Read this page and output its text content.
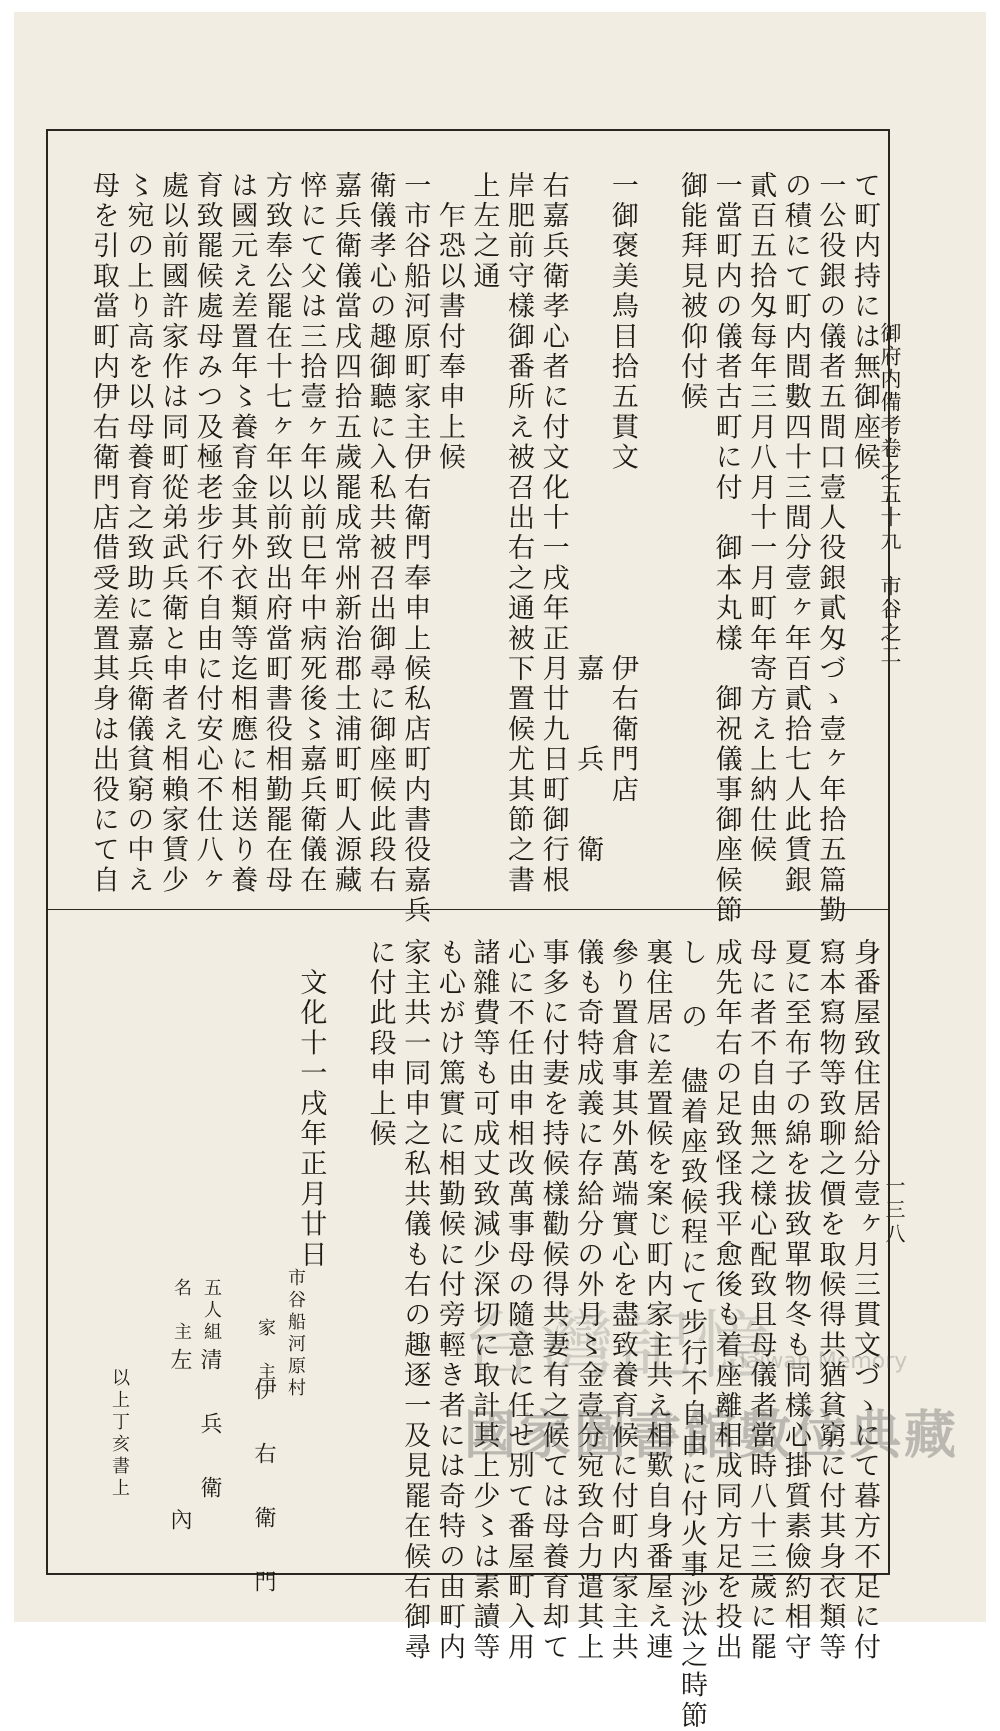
御府内備考卷之五十九　市谷之二
一三八
て町内持には無御座候
一公役銀の儀者五間口壹人役銀貳匁づゝ壹ヶ年拾五篇勤
の積にて町内間數四十三間分壹ヶ年百貳拾七人此賃銀
貳百五拾匁每年三月八月十一月町年寄方え上納仕候
一當町内の儀者古町に付　御本丸樣　御祝儀事御座候節
御能拜見被仰付候
一御褒美鳥目拾五貫文　　　　　　伊右衛門店
　　　　　　　　　　　　　　　　嘉　　兵　　衛
右嘉兵衛孝心者に付文化十一戌年正月廿九日町御行根
岸肥前守樣御番所え被召出右之通被下置候尤其節之書
上左之通
　乍恐以書付奉申上候
一市谷船河原町家主伊右衛門奉申上候私店町内書役嘉兵
衛儀孝心の趣御聽に入私共被召出御尋に御座候此段右
嘉兵衛儀當戌四拾五歲罷成常州新治郡土浦町町人源藏
悴にて父は三拾壹ヶ年以前巳年中病死後〻嘉兵衛儀在
方致奉公罷在十七ヶ年以前致出府當町書役相勤罷在母
は國元え差置年〻養育金其外衣類等迄相應に相送り養
育致罷候處母みつ及極老步行不自由に付安心不仕八ヶ
處以前國許家作は同町從弟武兵衛と申者え相賴家賃少
〻宛の上り高を以母養育之致助に嘉兵衛儀貧窮の中え
母を引取當町内伊右衛門店借受差置其身は出役にて自
身番屋致住居給分壹ヶ月三貫文づゝにて暮方不足に付
寫本寫物等致聊之價を取候得共猶貧窮に付其身衣類等
夏に至布子の綿を拔致單物冬も同樣心掛質素儉約相守
母に者不自由無之樣心配致且母儀者當時八十三歲に罷
成先年右の足致怪我平愈後も着座離相成同方足を投出
し の 儘着座致候程にて步行不自由に付火事沙汰之時節
裏住居に差置候を案じ町内家主共え相歎自身番屋え連
參り置倉事其外萬端實心を盡致養育候に付町内家主共
儀も奇特成義に存給分の外月〻金壹分宛致合力遣其上
事多に付妻を持候樣勸候得共妻有之候ては母養育却て
心に不任由申相改萬事母の隨意に任せ別て番屋町入用
諸雜費等も可成丈致減少深切に取計其上少〻は素讀等
も心がけ篤實に相勤候に付旁輕き者には奇特の由町内
家主共一同申之私共儀も右の趣逐一及見罷在候右御尋
に付此段申上候
　文化十一戌年正月廿日
市谷船河原村
家　主
伊　右　衛　門
五人組
清　兵　衛
名　主
左　　　　內
以上丁亥書上
台灣記憶
Taiwan Memory
國家圖書館數位典藏
